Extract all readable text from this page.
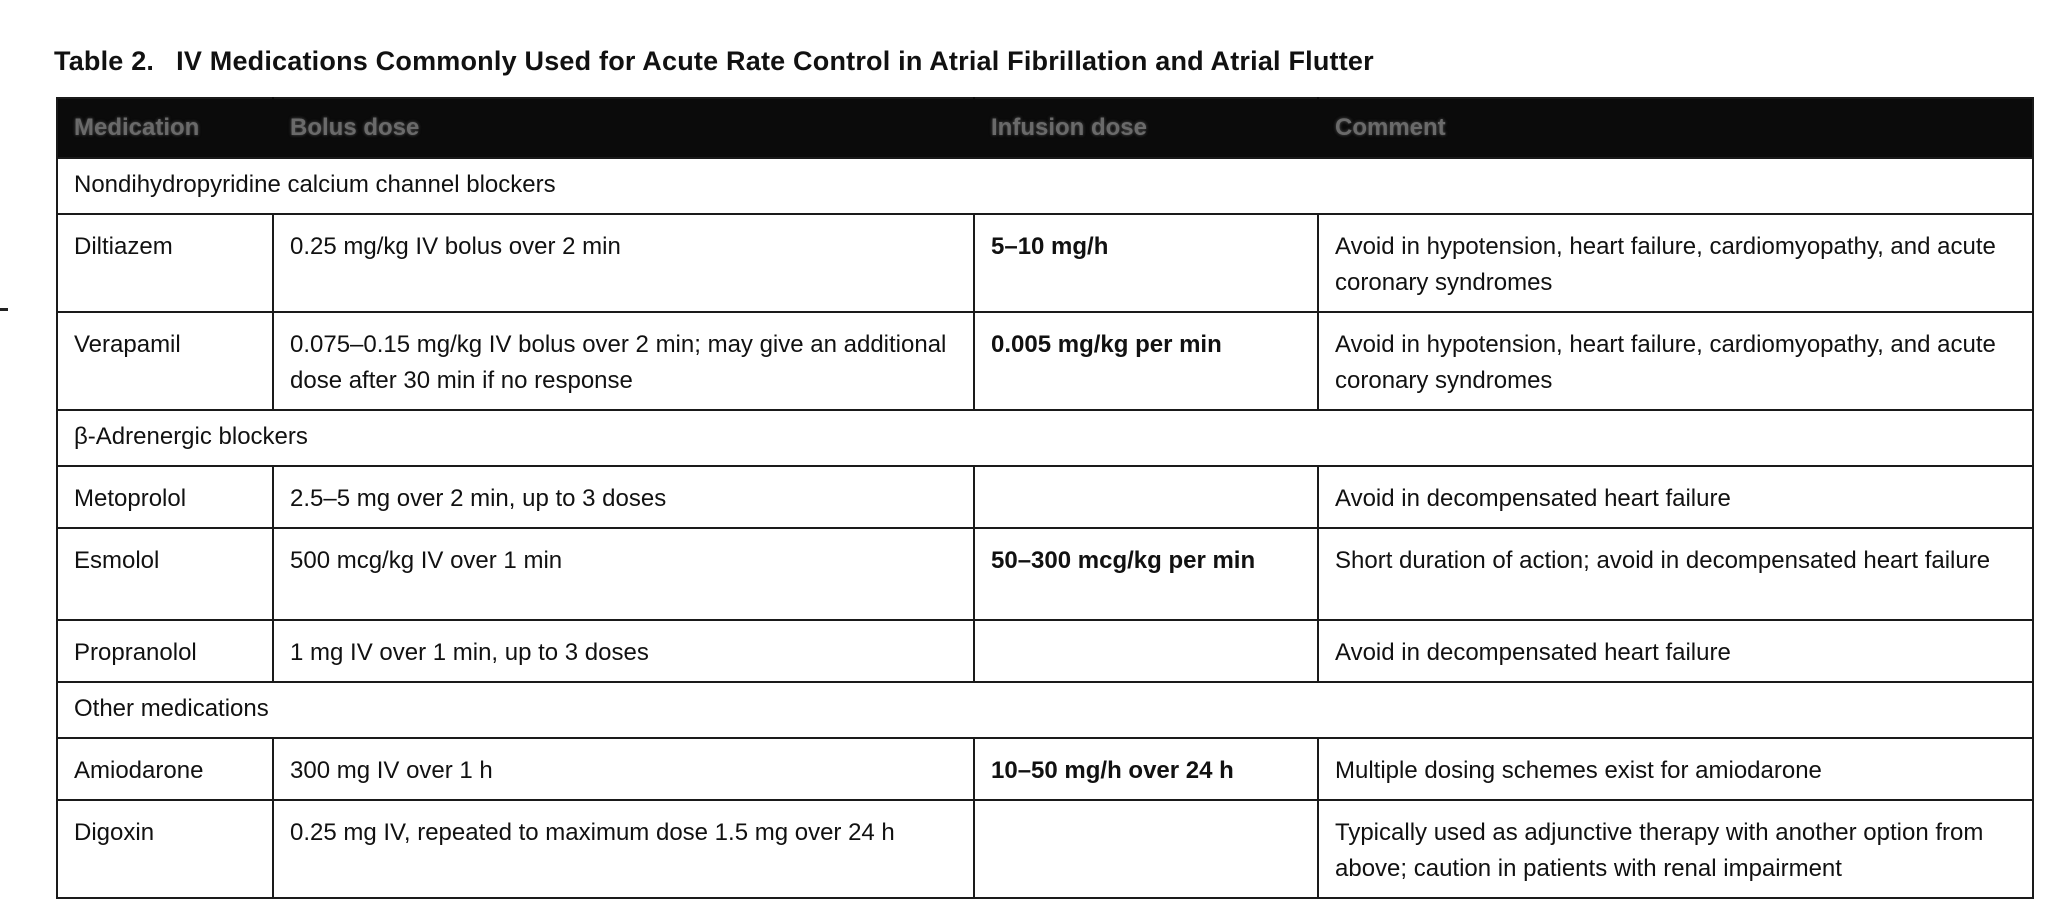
Table 2. IV Medications Commonly Used for Acute Rate Control in Atrial Fibrillation and Atrial Flutter
Medication	Bolus dose	Infusion dose	Comment
Nondihydropyridine calcium channel blockers			
Diltiazem	0.25 mg/kg IV bolus over 2 min	5–10 mg/h	Avoid in hypotension, heart failure, cardiomyopathy, and acute coronary syndromes
Verapamil	0.075–0.15 mg/kg IV bolus over 2 min; may give an additional dose after 30 min if no response	0.005 mg/kg per min	Avoid in hypotension, heart failure, cardiomyopathy, and acute coronary syndromes
β-Adrenergic blockers			
Metoprolol	2.5–5 mg over 2 min, up to 3 doses		Avoid in decompensated heart failure
Esmolol	500 mcg/kg IV over 1 min	50–300 mcg/kg per min	Short duration of action; avoid in decompensated heart failure
Propranolol	1 mg IV over 1 min, up to 3 doses		Avoid in decompensated heart failure
Other medications			
Amiodarone	300 mg IV over 1 h	10–50 mg/h over 24 h	Multiple dosing schemes exist for amiodarone
Digoxin	0.25 mg IV, repeated to maximum dose 1.5 mg over 24 h		Typically used as adjunctive therapy with another option from above; caution in patients with renal impairment
